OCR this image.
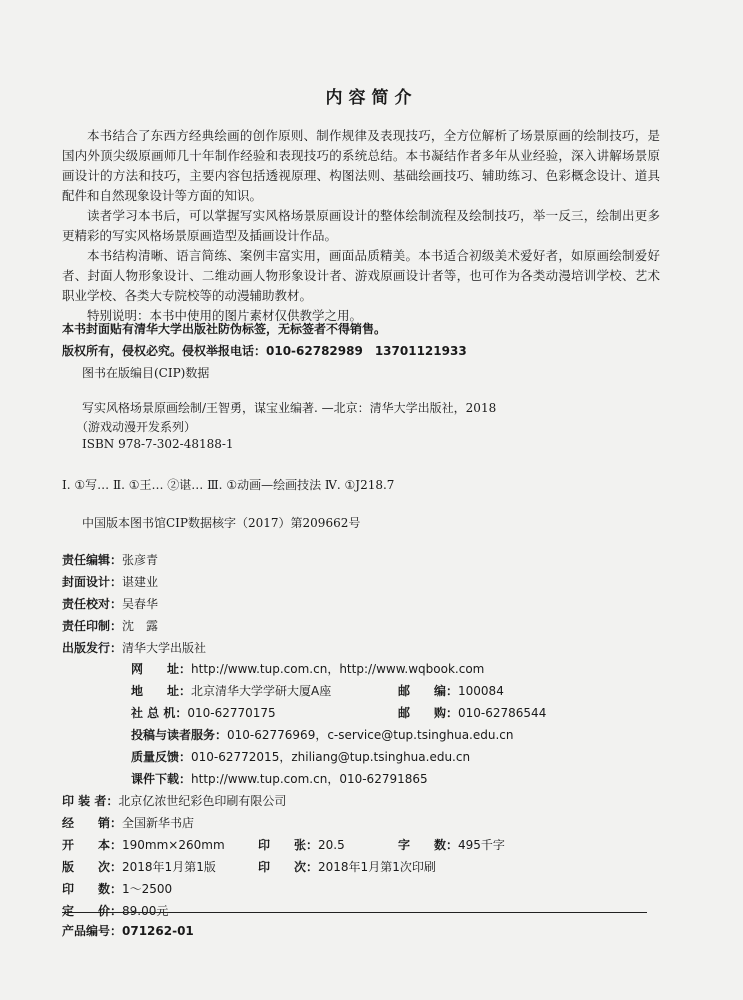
内容简介

本书结合了东西方经典绘画的创作原则、制作规律及表现技巧，全方位解析了场景原画的绘制技巧，是国内外顶尖级原画师几十年制作经验和表现技巧的系统总结。本书凝结作者多年从业经验，深入讲解场景原画设计的方法和技巧，主要内容包括透视原理、构图法则、基础绘画技巧、辅助练习、色彩概念设计、道具配件和自然现象设计等方面的知识。

读者学习本书后，可以掌握写实风格场景原画设计的整体绘制流程及绘制技巧，举一反三，绘制出更多更精彩的写实风格场景原画造型及插画设计作品。

本书结构清晰、语言简练、案例丰富实用，画面品质精美。本书适合初级美术爱好者，如原画绘制爱好者、封面人物形象设计、二维动画人物形象设计者、游戏原画设计者等，也可作为各类动漫培训学校、艺术职业学校、各类大专院校等的动漫辅助教材。

特别说明：本书中使用的图片素材仅供教学之用。

本书封面贴有清华大学出版社防伪标签，无标签者不得销售。
版权所有，侵权必究。侵权举报电话：010-62782989　13701121933
图书在版编目(CIP)数据
写实风格场景原画绘制/王智勇，谋宝业编著. —北京：清华大学出版社，2018
（游戏动漫开发系列）
ISBN 978-7-302-48188-1
Ⅰ. ①写… Ⅱ. ①王… ②谌… Ⅲ. ①动画—绘画技法 Ⅳ. ①J218.7
中国版本图书馆CIP数据核字（2017）第209662号
责任编辑：张彦青
封面设计：谌建业
责任校对：吴春华
责任印制：沈　露
出版发行：清华大学出版社
网　　址：http://www.tup.com.cn，http://www.wqbook.com
地　　址：北京清华大学学研大厦A座	邮　　编：100084
社 总 机：010-62770175	邮　　购：010-62786544
投稿与读者服务：010-62776969，c-service@tup.tsinghua.edu.cn
质量反馈：010-62772015，zhiliang@tup.tsinghua.edu.cn
课件下载：http://www.tup.com.cn，010-62791865
印 装 者：北京亿浓世纪彩色印刷有限公司
经　　销：全国新华书店
开　　本：190mm×260mm	印　　张：20.5	字　　数：495千字
版　　次：2018年1月第1版	印　　次：2018年1月第1次印刷
印　　数：1～2500
定　　价：89.00元
产品编号：071262-01
